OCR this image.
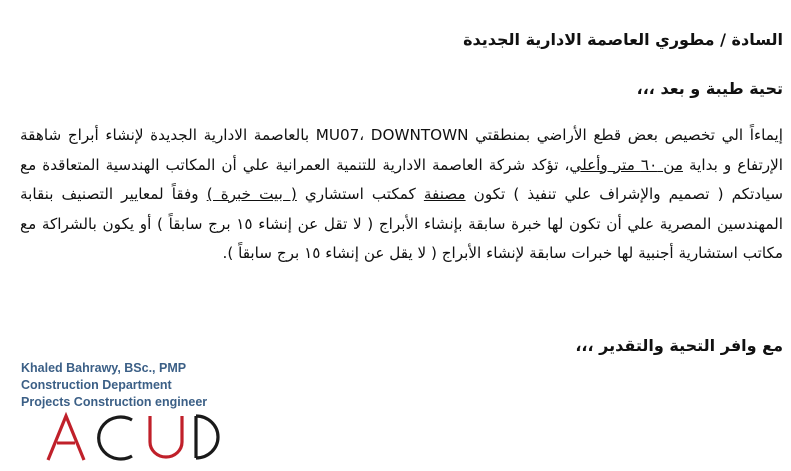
السادة / مطوري العاصمة الادارية الجديدة
تحية طيبة و بعد ،،،
إيماءاً الي تخصيص بعض قطع الأراضي بمنطقتي MU07، DOWNTOWN بالعاصمة الادارية الجديدة لإنشاء أبراج شاهقة الإرتفاع و بداية من ٦٠ متر وأعلي، تؤكد شركة العاصمة الادارية للتنمية العمرانية علي أن المكاتب الهندسية المتعاقدة مع سيادتكم ( تصميم والإشراف علي تنفيذ ) تكون مصنفة كمكتب استشاري ( بيت خبرة ) وفقاً لمعايير التصنيف بنقابة المهندسين المصرية علي أن تكون لها خبرة سابقة بإنشاء الأبراج ( لا تقل عن إنشاء ١٥ برج سابقاً ) أو يكون بالشراكة مع مكاتب استشارية أجنبية لها خبرات سابقة لإنشاء الأبراج ( لا يقل عن إنشاء ١٥ برج سابقاً ).
مع وافر التحية والتقدير ،،،
Khaled Bahrawy, BSc., PMP
Construction Department
Projects Construction engineer
